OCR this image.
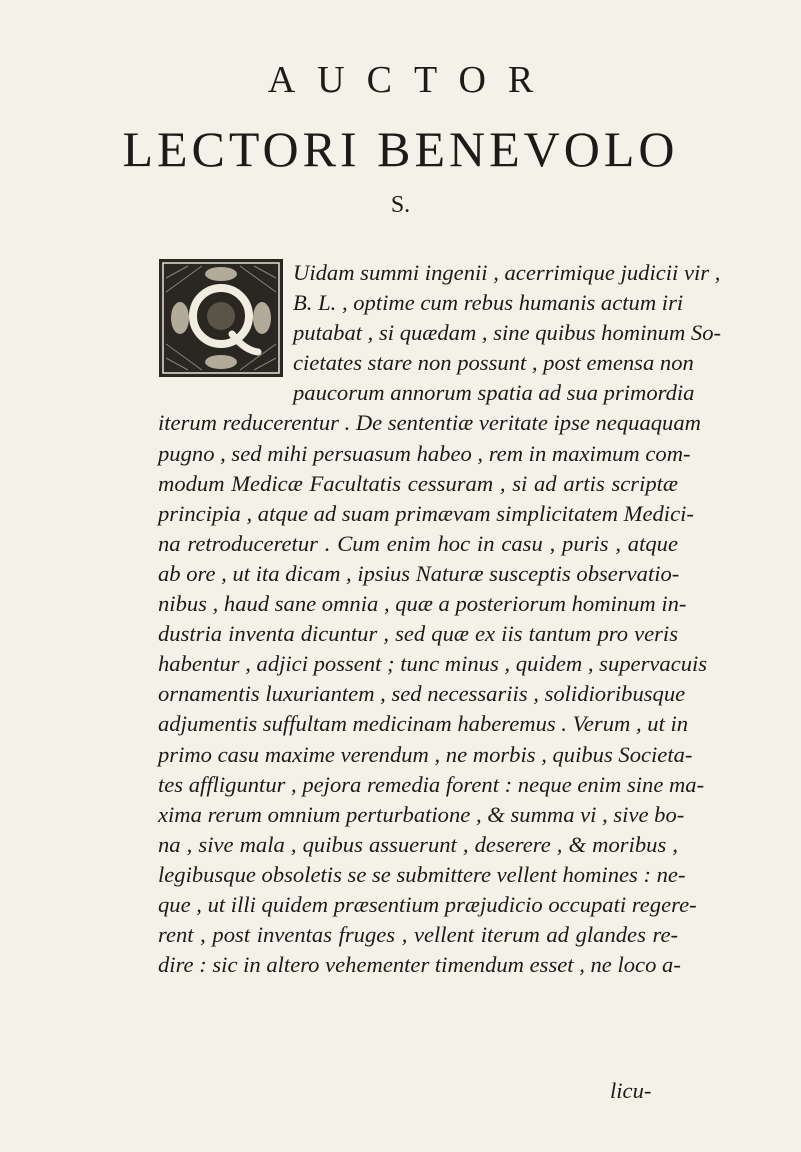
AUCTOR
LECTORI BENEVOLO
S.
Uidam summi ingenii , acerrimique judicii vir ,
B. L. , optime cum rebus humanis actum iri
putabat , si quædam , sine quibus hominum So-
cietates stare non possunt , post emensa non
paucorum annorum spatia ad sua primordia
iterum reducerentur . De sententiæ veritate ipse nequaquam
pugno , sed mihi persuasum habeo , rem in maximum com-
modum Medicæ Facultatis cessuram , si ad artis scriptæ
principia , atque ad suam primævam simplicitatem Medici-
na retroduceretur . Cum enim hoc in casu , puris , atque
ab ore , ut ita dicam , ipsius Naturæ susceptis observatio-
nibus , haud sane omnia , quæ a posteriorum hominum in-
dustria inventa dicuntur , sed quæ ex iis tantum pro veris
habentur , adjici possent ; tunc minus , quidem , supervacuis
ornamentis luxuriantem , sed necessariis , solidioribusque
adjumentis suffultam medicinam haberemus . Verum , ut in
primo casu maxime verendum , ne morbis , quibus Societa-
tes affliguntur , pejora remedia forent : neque enim sine ma-
xima rerum omnium perturbatione , & summa vi , sive bo-
na , sive mala , quibus assuerunt , deserere , & moribus ,
legibusque obsoletis se se submittere vellent homines : ne-
que , ut illi quidem præsentium præjudicio occupati regere-
rent , post inventas fruges , vellent iterum ad glandes re-
dire : sic in altero vehementer timendum esset , ne loco a-
licu-
